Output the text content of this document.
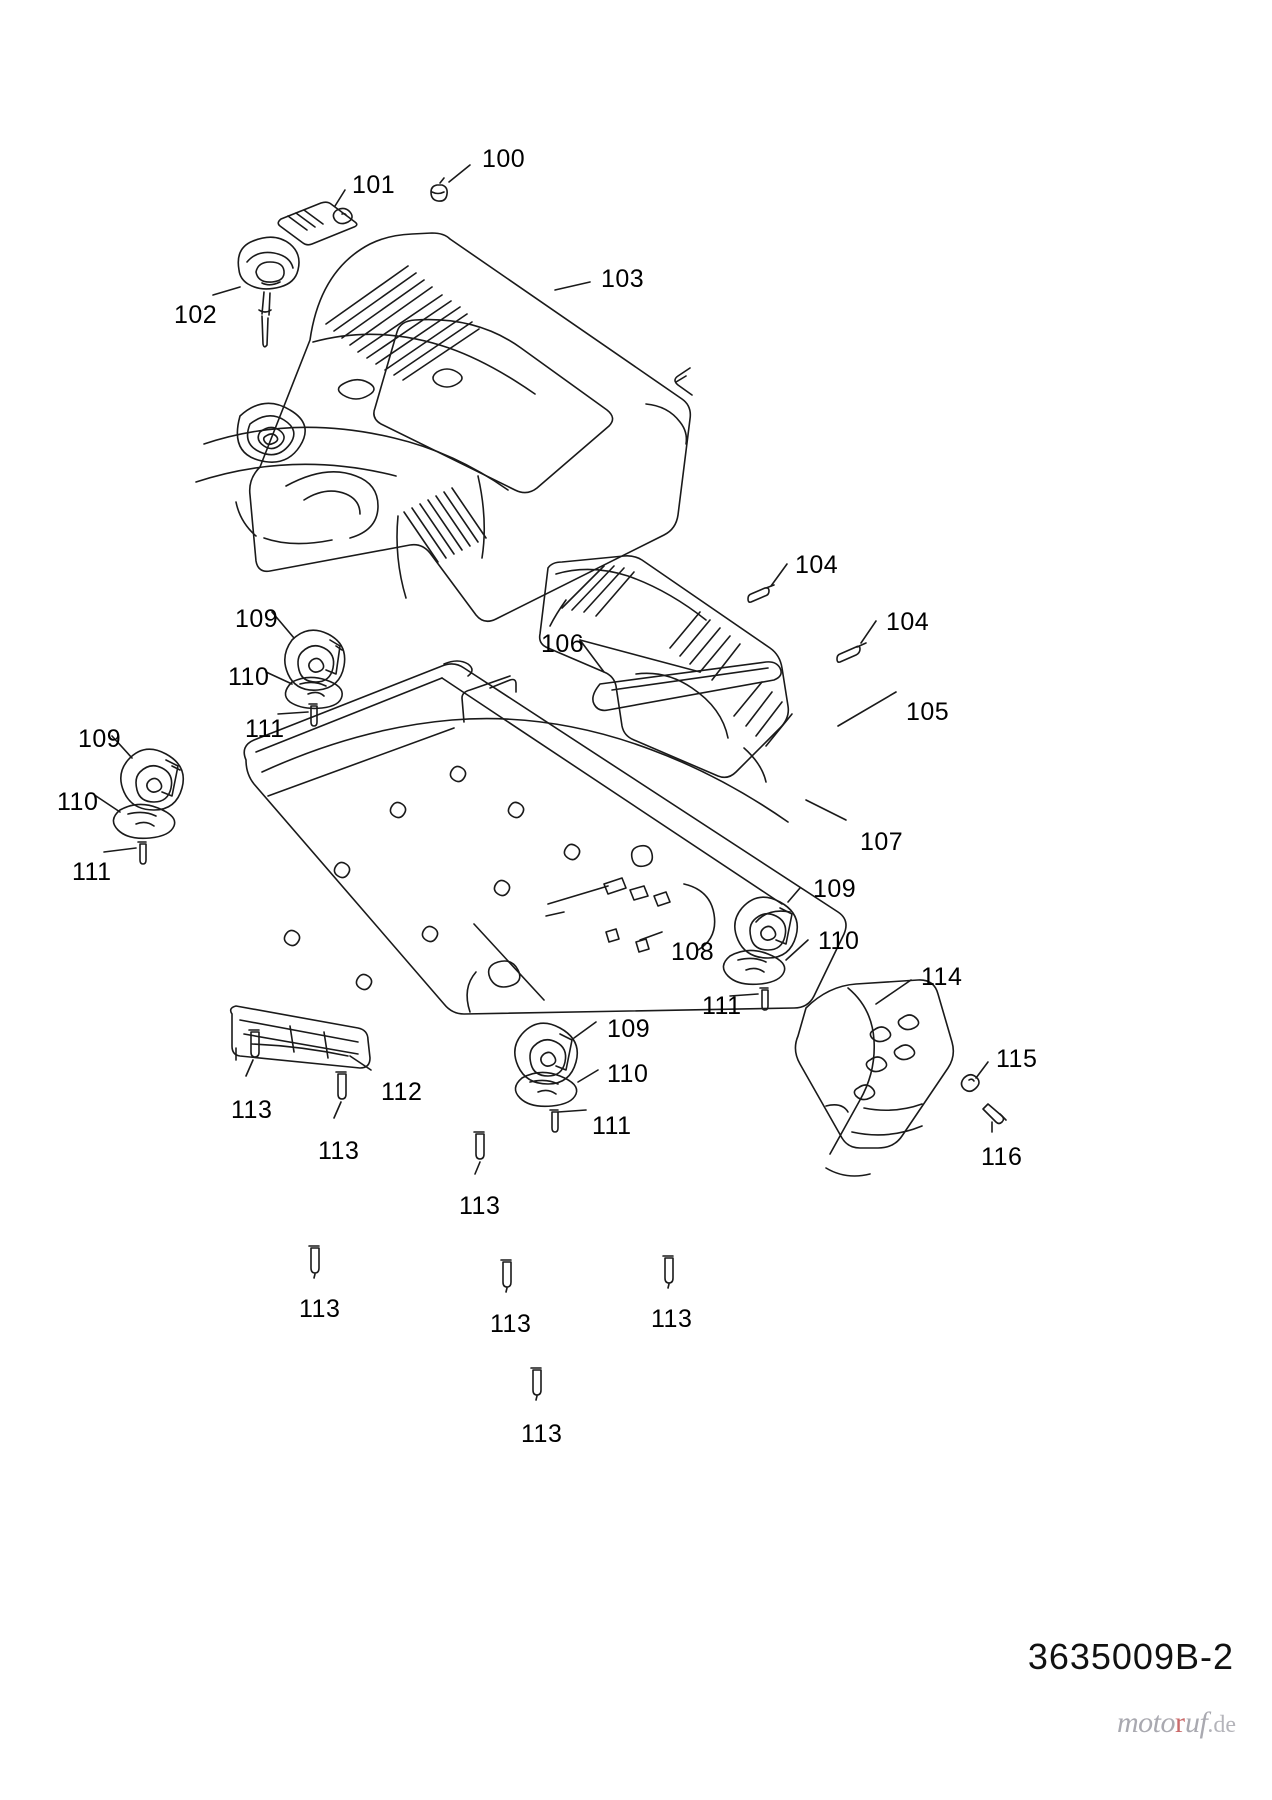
100
101
102
103
104
104
106
105
107
109
110
111
109
110
111
108
109
110
111
114
115
116
109
110
111
112
113
113
113
113
113	113
113
3635009B-2
motoruf.de
